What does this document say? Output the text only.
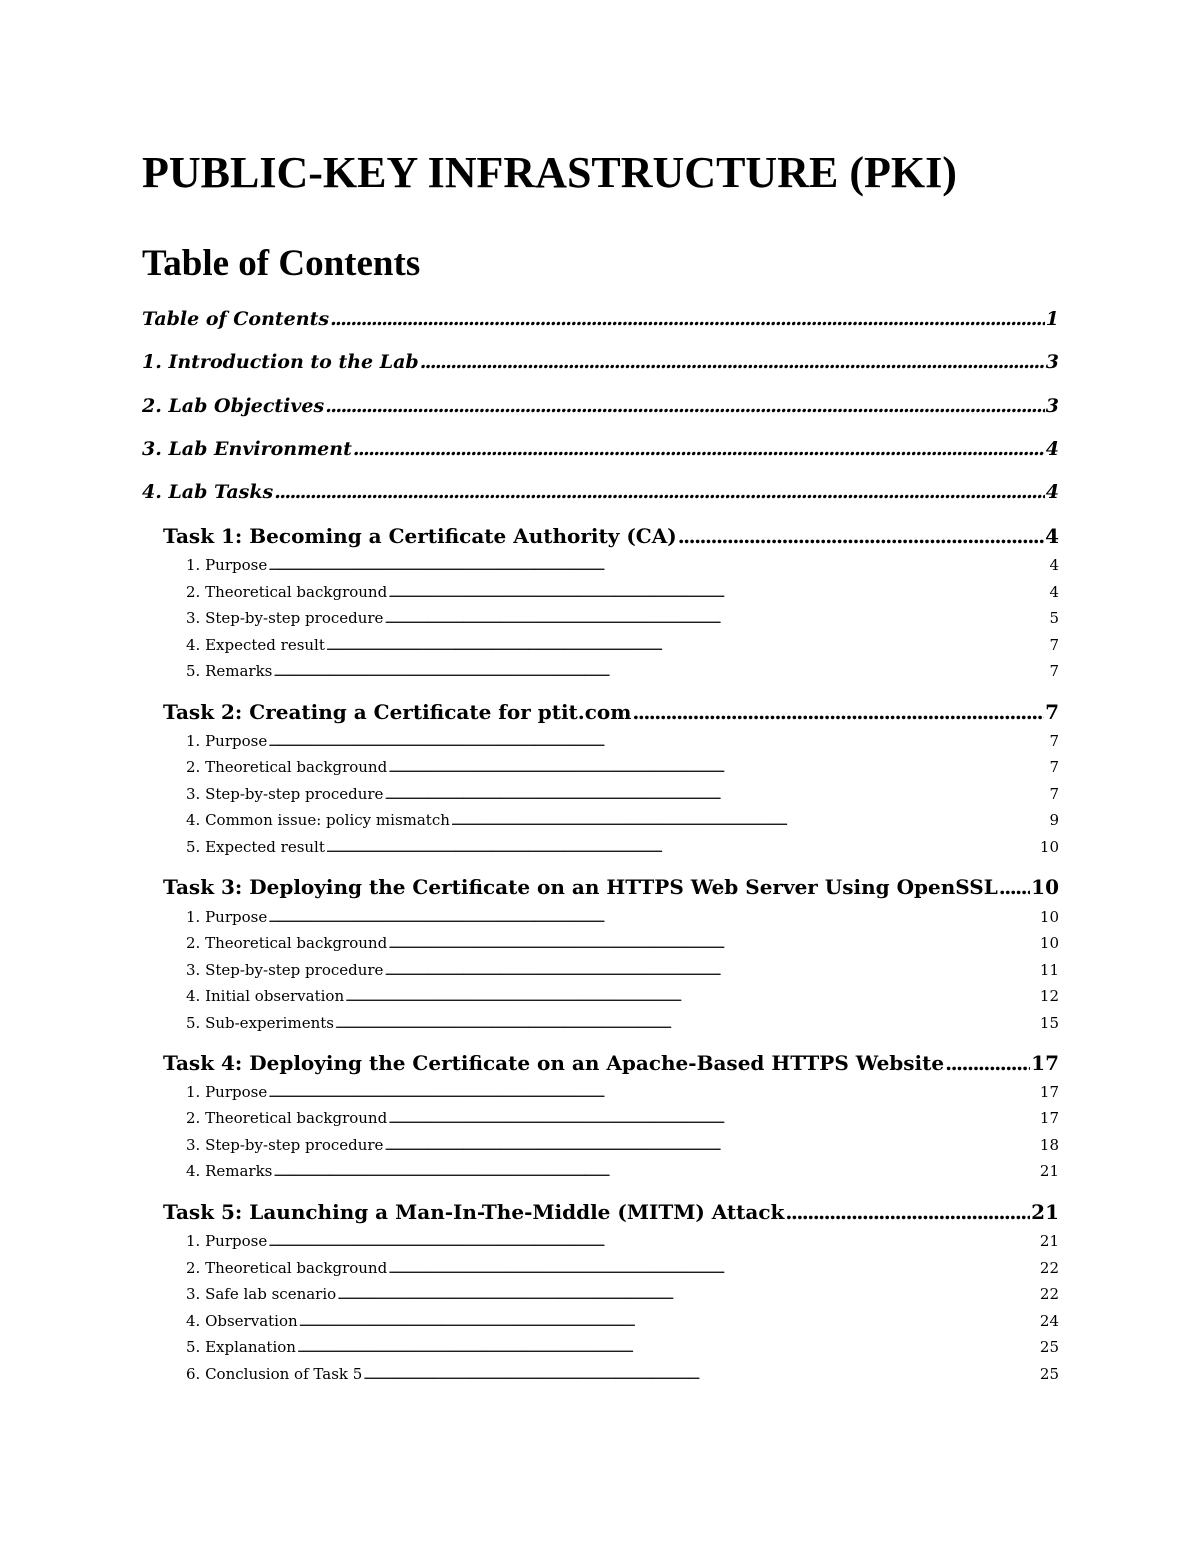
PUBLIC-KEY INFRASTRUCTURE (PKI)
Table of Contents
Table of Contents .....	1
1. Introduction to the Lab .....	3
2. Lab Objectives .....	3
3. Lab Environment .....	4
4. Lab Tasks .....	4
Task 1: Becoming a Certificate Authority (CA) .....	4
1. Purpose .....	4
2. Theoretical background .....	4
3. Step-by-step procedure .....	5
4. Expected result .....	7
5. Remarks .....	7
Task 2: Creating a Certificate for ptit.com .....	7
1. Purpose .....	7
2. Theoretical background .....	7
3. Step-by-step procedure .....	7
4. Common issue: policy mismatch .....	9
5. Expected result .....	10
Task 3: Deploying the Certificate on an HTTPS Web Server Using OpenSSL ..... 10
1. Purpose .....	10
2. Theoretical background .....	10
3. Step-by-step procedure .....	11
4. Initial observation .....	12
5. Sub-experiments .....	15
Task 4: Deploying the Certificate on an Apache-Based HTTPS Website .....	17
1. Purpose .....	17
2. Theoretical background .....	17
3. Step-by-step procedure .....	18
4. Remarks .....	21
Task 5: Launching a Man-In-The-Middle (MITM) Attack .....	21
1. Purpose .....	21
2. Theoretical background .....	22
3. Safe lab scenario .....	22
4. Observation .....	24
5. Explanation .....	25
6. Conclusion of Task 5 .....	25
